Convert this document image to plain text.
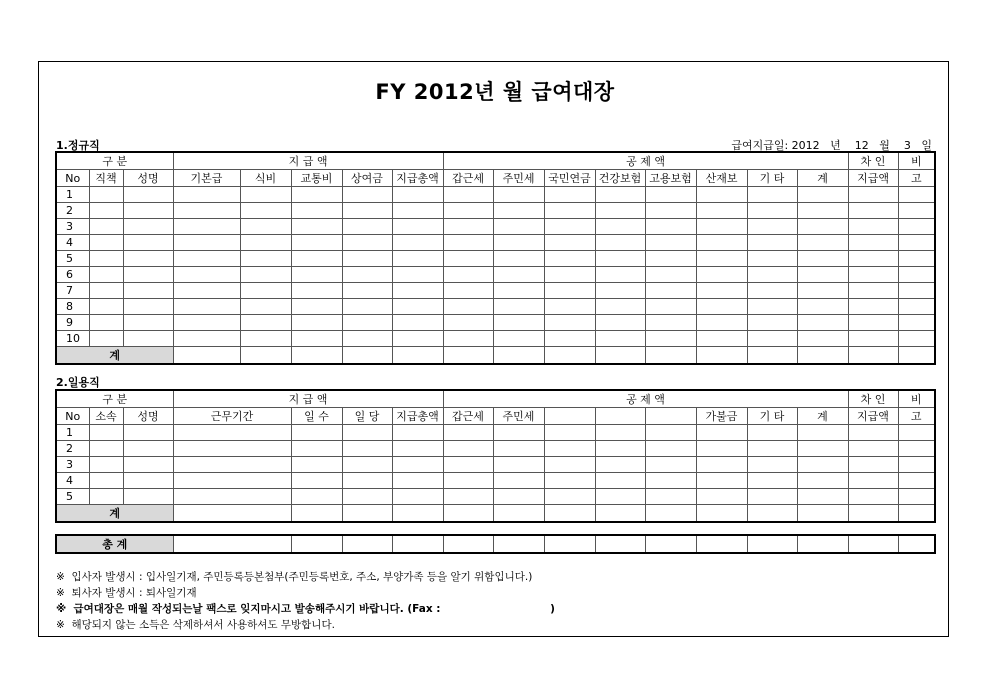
FY 2012년 월 급여대장
1.정규직	급여지급일: 2012   년    12   월    3   일
구 분			지 급 액					공 제 액								차 인	비
No	직책	성명	기본급	식비	교통비	상여금	지급총액	갑근세	주민세	국민연금	건강보험	고용보험	산재보	기 타	계	지급액	고
1																	
2																	
3																	
4																	
5																	
6																	
7																	
8																	
9																	
10																	
계																	
2.일용직
구 분			지 급 액				공 제 액								차 인	비
No	소속	성명	근무기간	일 수	일 당	지급총액	갑근세	주민세				가불금	기 타	계	지급액	고
1																
2																
3																
4																
5																
계																
총 계														
※  입사자 발생시 : 입사일기재, 주민등록등본첨부(주민등록번호, 주소, 부양가족 등을 알기 위함입니다.)
※  퇴사자 발생시 : 퇴사일기재
※  급여대장은 매월 작성되는날 팩스로 잊지마시고 발송해주시기 바랍니다. (Fax :                              )
※  해당되지 않는 소득은 삭제하셔서 사용하셔도 무방합니다.
